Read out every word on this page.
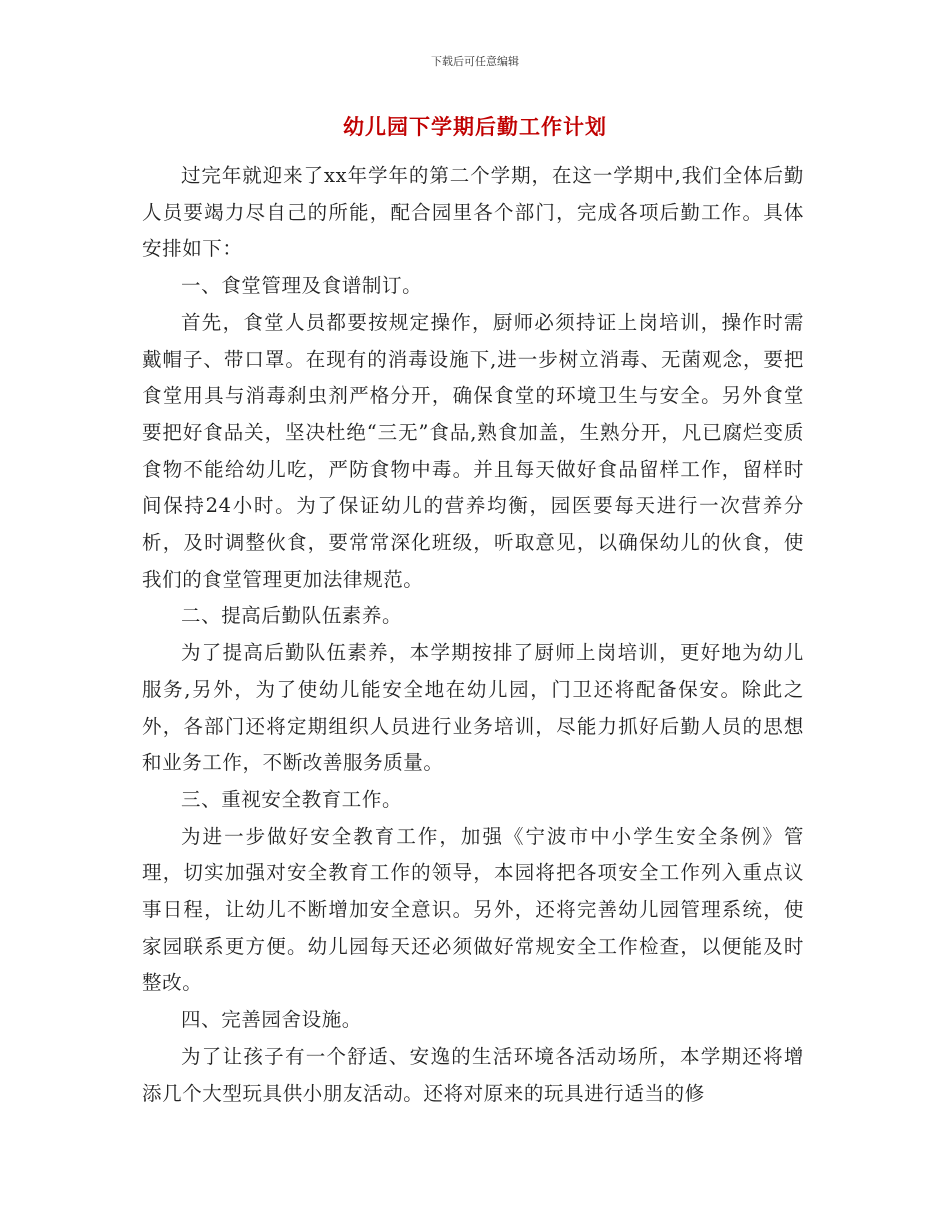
下载后可任意编辑
幼儿园下学期后勤工作计划

过完年就迎来了xx年学年的第二个学期，在这一学期中,我们全体后勤人员要竭力尽自己的所能，配合园里各个部门，完成各项后勤工作。具体安排如下：

一、食堂管理及食谱制订。

首先，食堂人员都要按规定操作，厨师必须持证上岗培训，操作时需戴帽子、带口罩。在现有的消毒设施下,进一步树立消毒、无菌观念，要把食堂用具与消毒刹虫剂严格分开，确保食堂的环境卫生与安全。另外食堂要把好食品关，坚决杜绝“三无”食品,熟食加盖，生熟分开，凡已腐烂变质食物不能给幼儿吃，严防食物中毒。并且每天做好食品留样工作，留样时间保持24小时。为了保证幼儿的营养均衡，园医要每天进行一次营养分析，及时调整伙食，要常常深化班级，听取意见，以确保幼儿的伙食，使我们的食堂管理更加法律规范。

二、提高后勤队伍素养。

为了提高后勤队伍素养，本学期按排了厨师上岗培训，更好地为幼儿服务,另外，为了使幼儿能安全地在幼儿园，门卫还将配备保安。除此之外，各部门还将定期组织人员进行业务培训，尽能力抓好后勤人员的思想和业务工作，不断改善服务质量。

三、重视安全教育工作。

为进一步做好安全教育工作，加强《宁波市中小学生安全条例》管理，切实加强对安全教育工作的领导，本园将把各项安全工作列入重点议事日程，让幼儿不断增加安全意识。另外，还将完善幼儿园管理系统，使家园联系更方便。幼儿园每天还必须做好常规安全工作检查，以便能及时整改。

四、完善园舍设施。

为了让孩子有一个舒适、安逸的生活环境各活动场所，本学期还将增添几个大型玩具供小朋友活动。还将对原来的玩具进行适当的修
